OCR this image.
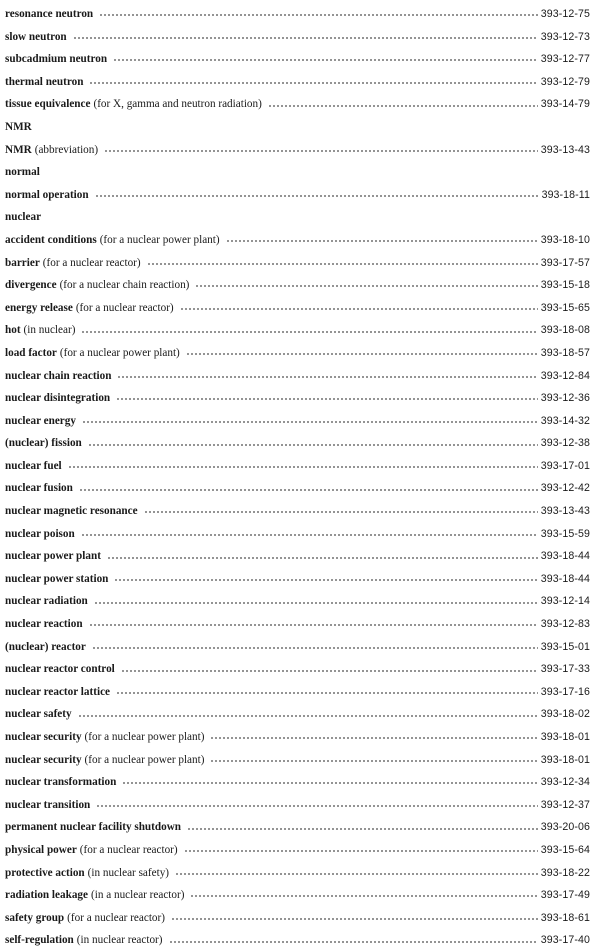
resonance neutron	393-12-75
slow neutron	393-12-73
subcadmium neutron	393-12-77
thermal neutron	393-12-79
tissue equivalence (for X, gamma and neutron radiation)	393-14-79
NMR
NMR (abbreviation)	393-13-43
normal
normal operation	393-18-11
nuclear
accident conditions (for a nuclear power plant)	393-18-10
barrier (for a nuclear reactor)	393-17-57
divergence (for a nuclear chain reaction)	393-15-18
energy release (for a nuclear reactor)	393-15-65
hot (in nuclear)	393-18-08
load factor (for a nuclear power plant)	393-18-57
nuclear chain reaction	393-12-84
nuclear disintegration	393-12-36
nuclear energy	393-14-32
(nuclear) fission	393-12-38
nuclear fuel	393-17-01
nuclear fusion	393-12-42
nuclear magnetic resonance	393-13-43
nuclear poison	393-15-59
nuclear power plant	393-18-44
nuclear power station	393-18-44
nuclear radiation	393-12-14
nuclear reaction	393-12-83
(nuclear) reactor	393-15-01
nuclear reactor control	393-17-33
nuclear reactor lattice	393-17-16
nuclear safety	393-18-02
nuclear security (for a nuclear power plant)	393-18-01
nuclear security (for a nuclear power plant)	393-18-01
nuclear transformation	393-12-34
nuclear transition	393-12-37
permanent nuclear facility shutdown	393-20-06
physical power (for a nuclear reactor)	393-15-64
protective action (in nuclear safety)	393-18-22
radiation leakage (in a nuclear reactor)	393-17-49
safety group (for a nuclear reactor)	393-18-61
self-regulation (in nuclear reactor)	393-17-40
